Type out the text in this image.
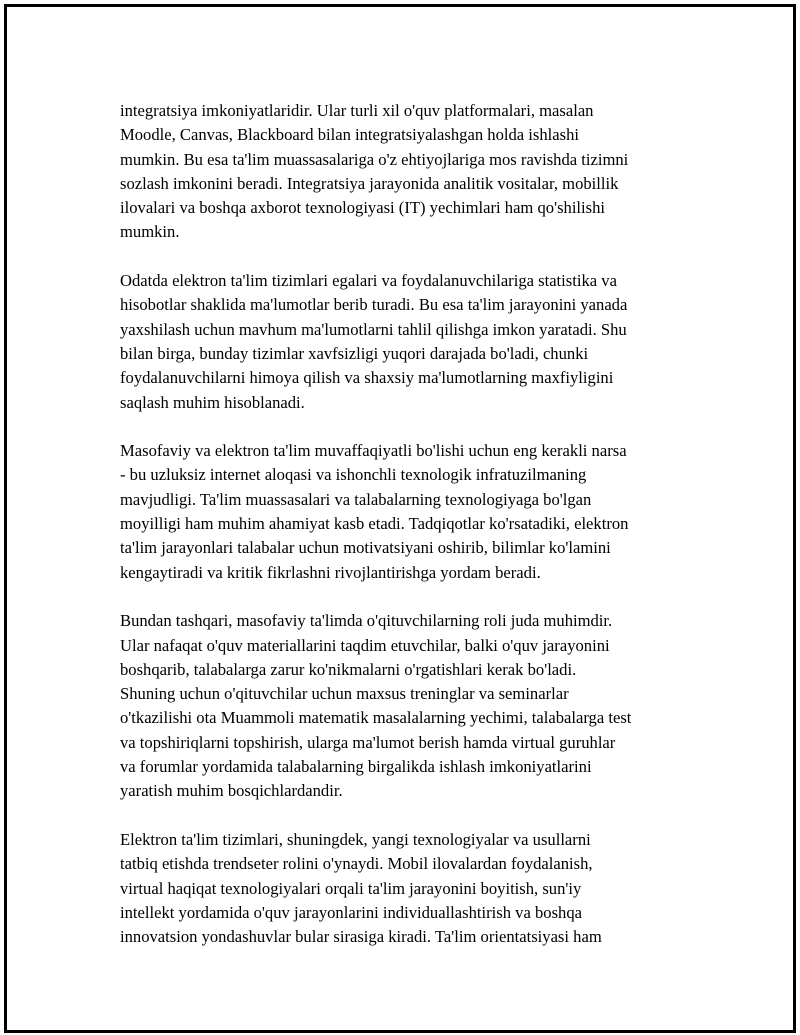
integratsiya imkoniyatlaridir. Ular turli xil o'quv platformalari, masalan
Moodle, Canvas, Blackboard bilan integratsiyalashgan holda ishlashi
mumkin. Bu esa ta'lim muassasalariga o'z ehtiyojlariga mos ravishda tizimni
sozlash imkonini beradi. Integratsiya jarayonida analitik vositalar, mobillik
ilovalari va boshqa axborot texnologiyasi (IT) yechimlari ham qo'shilishi
mumkin.

Odatda elektron ta'lim tizimlari egalari va foydalanuvchilariga statistika va
hisobotlar shaklida ma'lumotlar berib turadi. Bu esa ta'lim jarayonini yanada
yaxshilash uchun mavhum ma'lumotlarni tahlil qilishga imkon yaratadi. Shu
bilan birga, bunday tizimlar xavfsizligi yuqori darajada bo'ladi, chunki
foydalanuvchilarni himoya qilish va shaxsiy ma'lumotlarning maxfiyligini
saqlash muhim hisoblanadi.

Masofaviy va elektron ta'lim muvaffaqiyatli bo'lishi uchun eng kerakli narsa
- bu uzluksiz internet aloqasi va ishonchli texnologik infratuzilmaning
mavjudligi. Ta'lim muassasalari va talabalarning texnologiyaga bo'lgan
moyilligi ham muhim ahamiyat kasb etadi. Tadqiqotlar ko'rsatadiki, elektron
ta'lim jarayonlari talabalar uchun motivatsiyani oshirib, bilimlar ko'lamini
kengaytiradi va kritik fikrlashni rivojlantirishga yordam beradi.

Bundan tashqari, masofaviy ta'limda o'qituvchilarning roli juda muhimdir.
Ular nafaqat o'quv materiallarini taqdim etuvchilar, balki o'quv jarayonini
boshqarib, talabalarga zarur ko'nikmalarni o'rgatishlari kerak bo'ladi.
Shuning uchun o'qituvchilar uchun maxsus treninglar va seminarlar
o'tkazilishi ota Muammoli matematik masalalarning yechimi, talabalarga test
va topshiriqlarni topshirish, ularga ma'lumot berish hamda virtual guruhlar
va forumlar yordamida talabalarning birgalikda ishlash imkoniyatlarini
yaratish muhim bosqichlardandir.

Elektron ta'lim tizimlari, shuningdek, yangi texnologiyalar va usullarni
tatbiq etishda trendseter rolini o'ynaydi. Mobil ilovalardan foydalanish,
virtual haqiqat texnologiyalari orqali ta'lim jarayonini boyitish, sun'iy
intellekt yordamida o'quv jarayonlarini individuallashtirish va boshqa
innovatsion yondashuvlar bular sirasiga kiradi. Ta'lim orientatsiyasi ham
